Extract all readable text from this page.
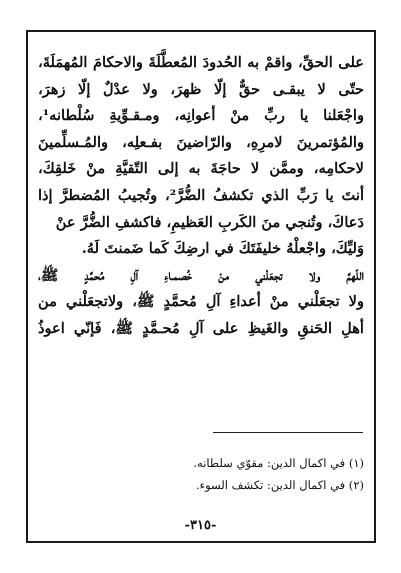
علی الحقِّ، واقمْ به الحُدودَ المُعطَّلَةَ والاحكامَ المُهمَلَةَ،

حتّى لا يبقـى حقٌّ إلّا ظهرَ، ولا عدْلٌ إلّا زهرَ،

واجْعَلنا يا ربِّ منْ أعوانِه، ومـقـوِّيةِ سُلْطانه¹،

والمُؤتمرينَ لامرِهِ، والرّاضينَ بفـعلِه، والمُـسلِّمينَ

لاحكامِه، وممَّن لا حاجَةَ به إلى التّقيَّةِ منْ خَلقِكَ،

أنتَ يا رَبِّ الذي تكشفُ الضُّرَّ²، وتُجيبُ المُضطرَّ إذا

دَعاكَ، وتُنجي منَ الكَربِ العَظيمِ، فاكشفِ الضُّرَّ عنْ

وَليِّكَ، واجْعلْهُ خليفَتَكَ في ارضِكَ كَما ضَمنتَ لَهُ.

اللّهمَّ ولا تجعَلْني منْ خُصمـاءِ آلِ مُحمَّدٍ ﷺ،

ولا تجعَلْني منْ أعداءِ آلِ مُحمَّدٍ ﷺ، ولاتجعَلْني من

أهلِ الحَنقِ والغَيظِ على آلِ مُحـمَّدٍ ﷺ، فَإنّي اعوذُ

(١) في اكمال الدين: مقوّي سلطانه.
(٢) في اكمال الدين: تكشف السوء.
-٣١٥-
